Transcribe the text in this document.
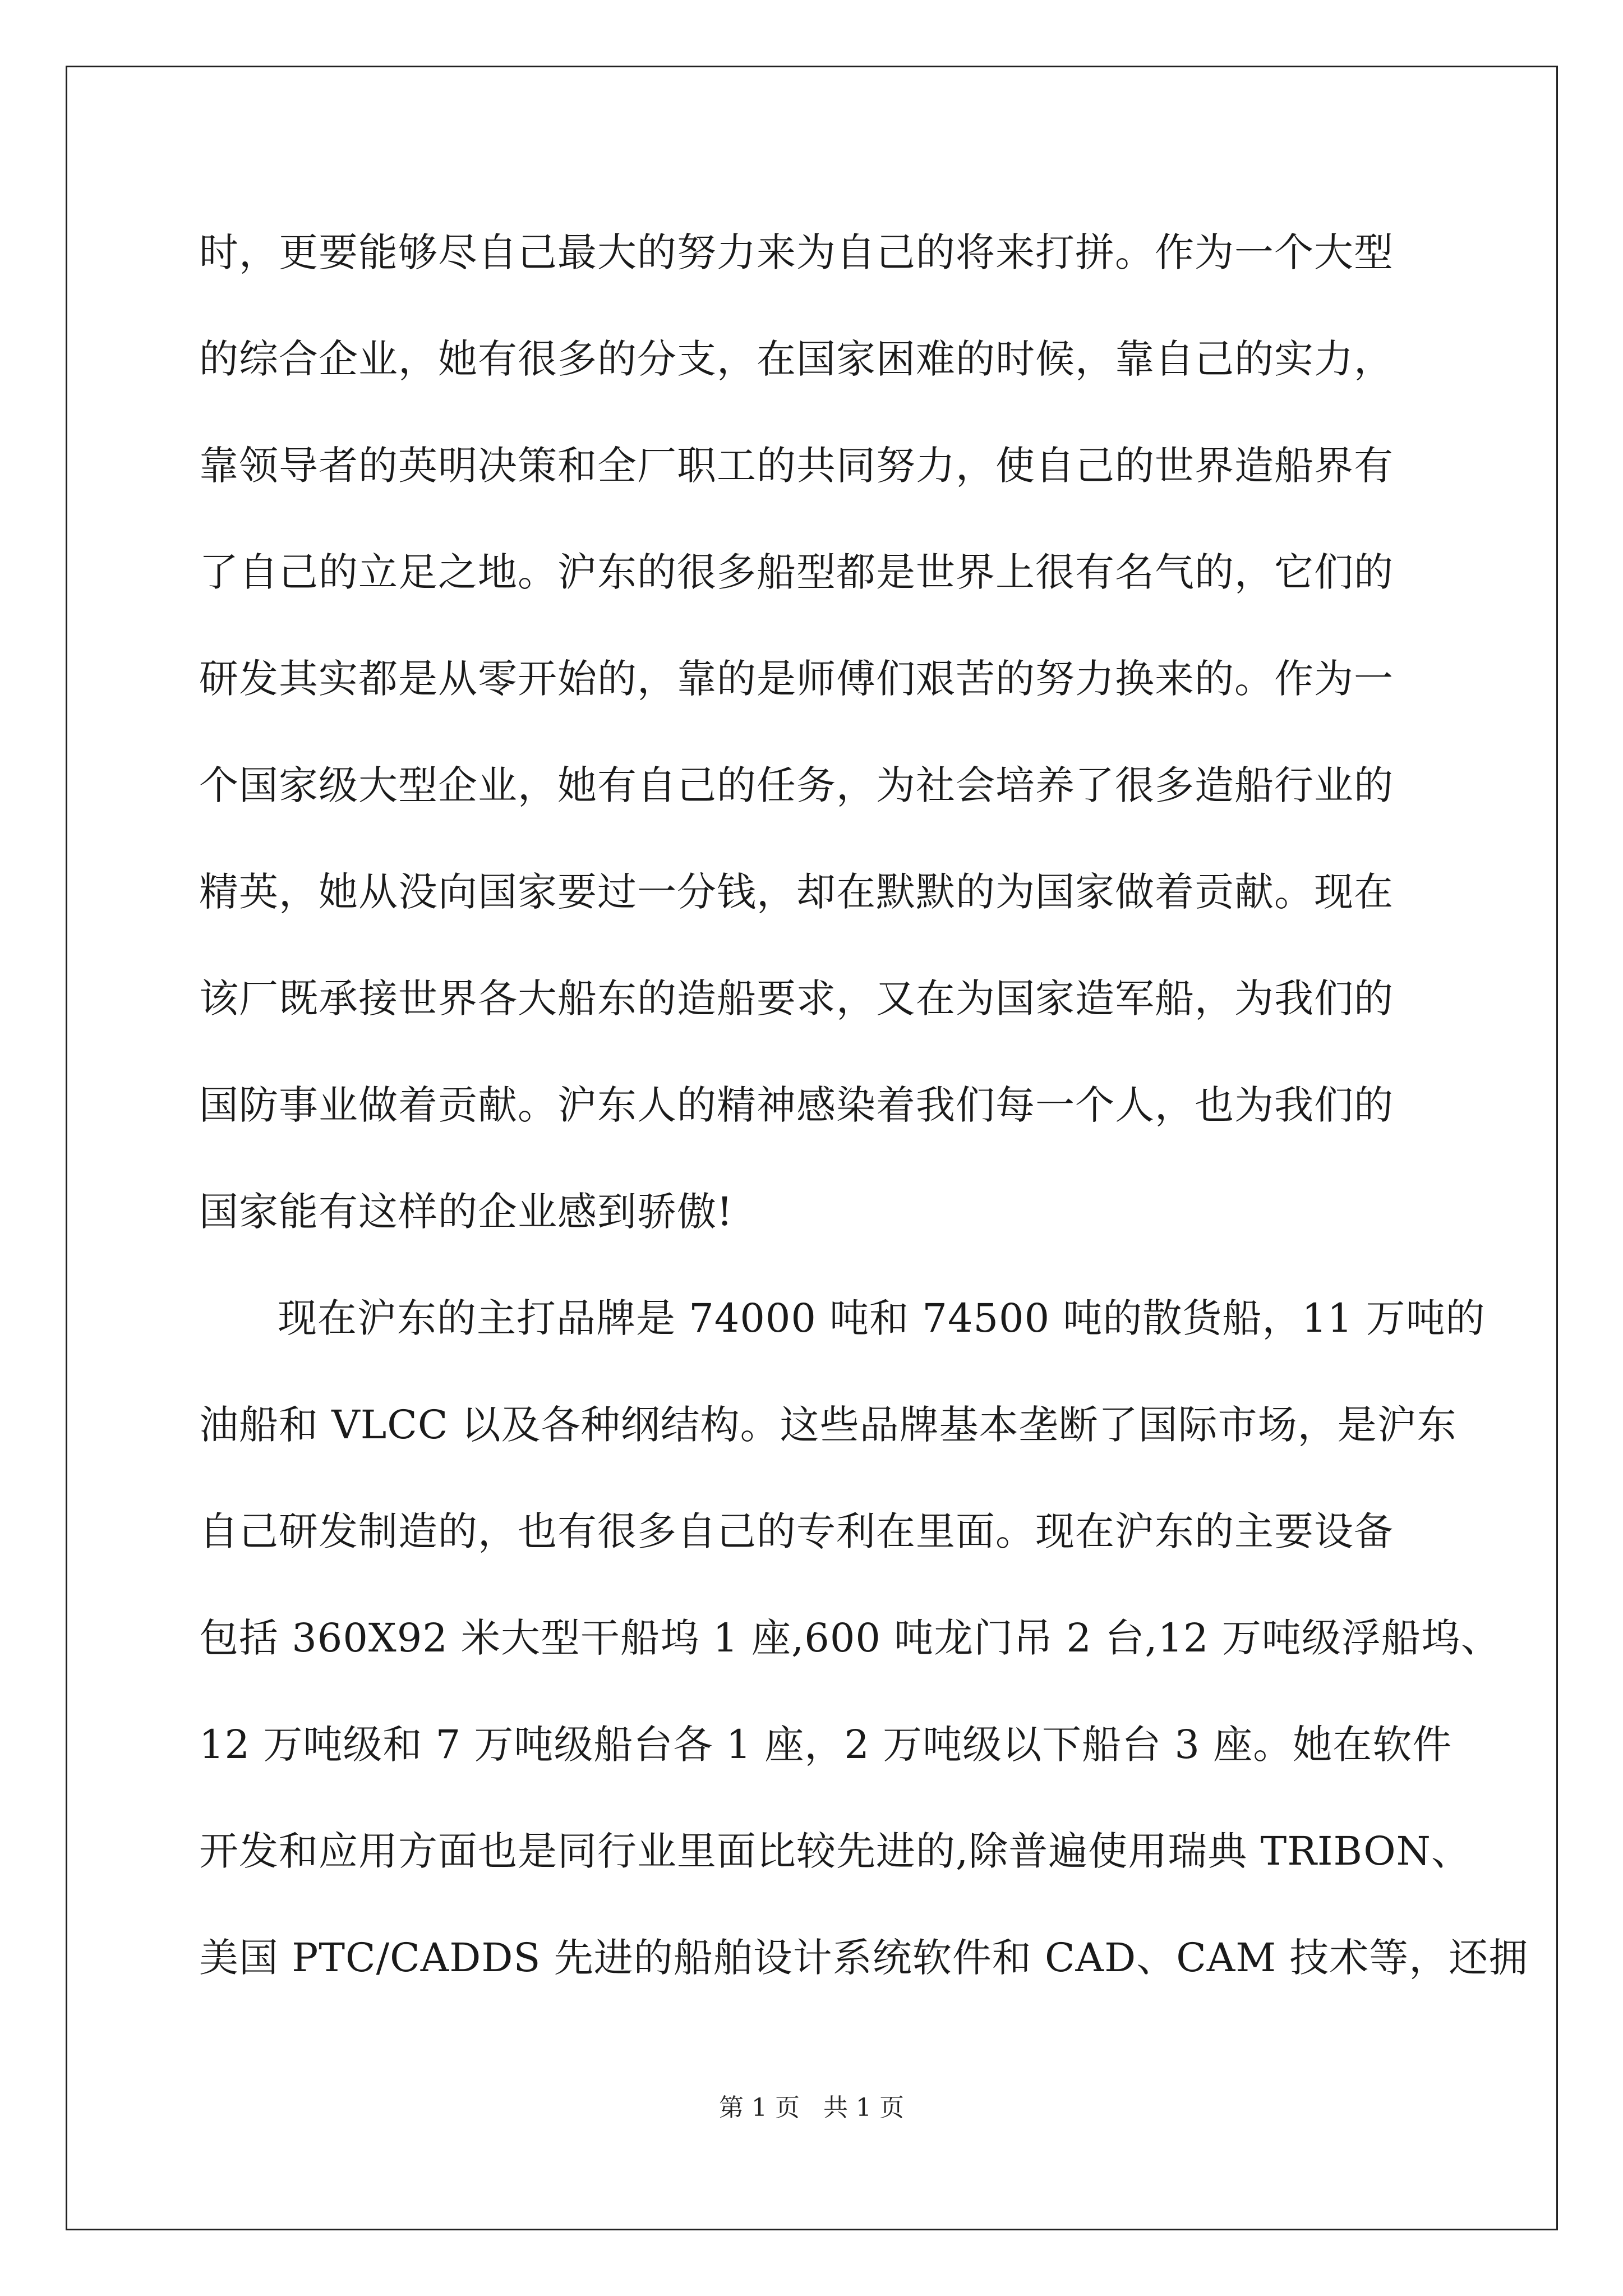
时，更要能够尽自己最大的努力来为自己的将来打拼。作为一个大型
的综合企业，她有很多的分支，在国家困难的时候，靠自己的实力，
靠领导者的英明决策和全厂职工的共同努力，使自己的世界造船界有
了自己的立足之地。沪东的很多船型都是世界上很有名气的，它们的
研发其实都是从零开始的，靠的是师傅们艰苦的努力换来的。作为一
个国家级大型企业，她有自己的任务，为社会培养了很多造船行业的
精英，她从没向国家要过一分钱，却在默默的为国家做着贡献。现在
该厂既承接世界各大船东的造船要求，又在为国家造军船，为我们的
国防事业做着贡献。沪东人的精神感染着我们每一个人，也为我们的
国家能有这样的企业感到骄傲!
现在沪东的主打品牌是 74000 吨和 74500 吨的散货船，11 万吨的
油船和 VLCC 以及各种纲结构。这些品牌基本垄断了国际市场，是沪东
自己研发制造的，也有很多自己的专利在里面。现在沪东的主要设备
包括 360X92 米大型干船坞 1 座,600 吨龙门吊 2 台,12 万吨级浮船坞、
12 万吨级和 7 万吨级船台各 1 座，2 万吨级以下船台 3 座。她在软件
开发和应用方面也是同行业里面比较先进的,除普遍使用瑞典 TRIBON、
美国 PTC/CADDS 先进的船舶设计系统软件和 CAD、CAM 技术等，还拥
第 1 页   共 1 页
